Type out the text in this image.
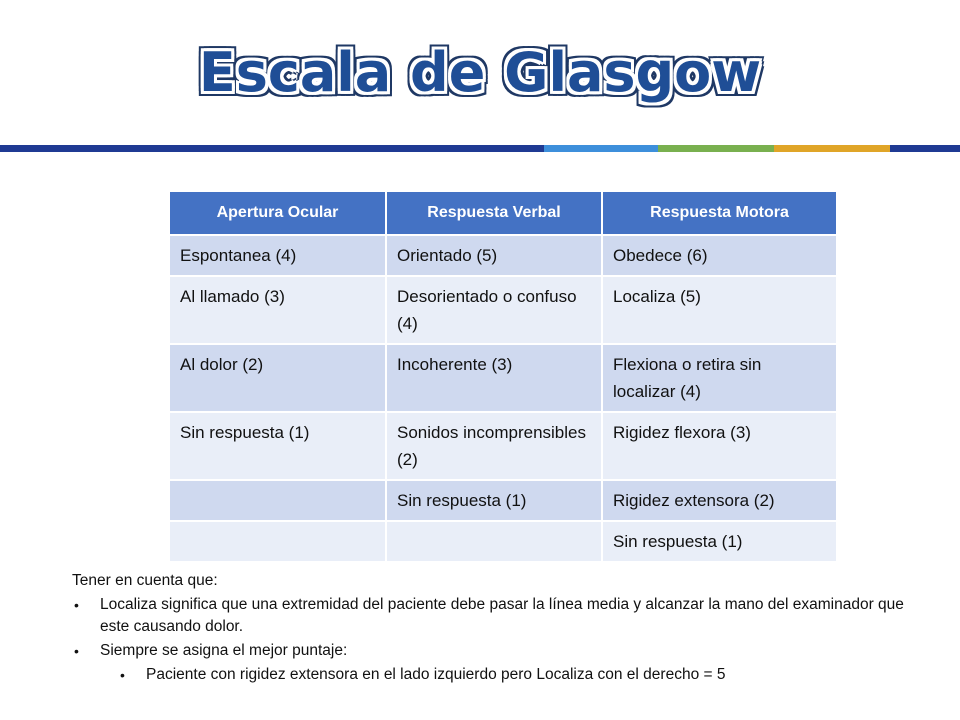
Escala de Glasgow
Apertura Ocular	Respuesta Verbal	Respuesta Motora
Espontanea (4)	Orientado (5)	Obedece (6)
Al llamado (3)	Desorientado o confuso (4)	Localiza (5)
Al dolor (2)	Incoherente (3)	Flexiona o retira sin localizar (4)
Sin respuesta (1)	Sonidos incomprensibles (2)	Rigidez flexora (3)
	Sin respuesta (1)	Rigidez extensora (2)
		Sin respuesta (1)
Tener en cuenta que:
• Localiza significa que una extremidad del paciente debe pasar la línea media y alcanzar la mano del examinador que este causando dolor.
• Siempre se asigna el mejor puntaje:
• Paciente con rigidez extensora en el lado izquierdo pero Localiza con el derecho = 5
